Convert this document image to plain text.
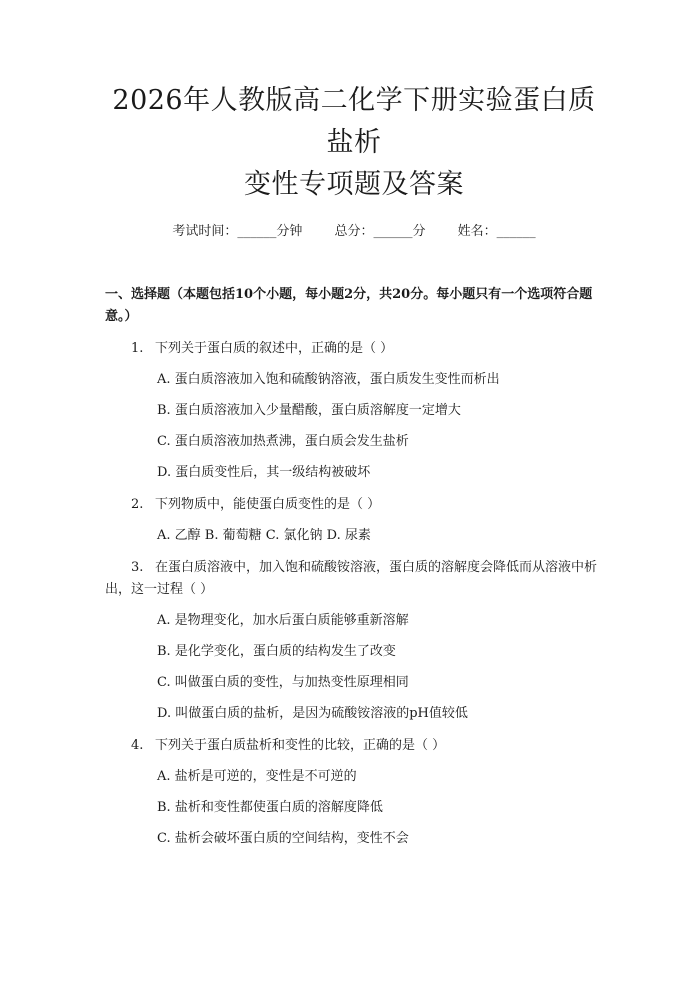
2026年人教版高二化学下册实验蛋白质盐析
变性专项题及答案
考试时间：______分钟 总分：______分 姓名：______
一、选择题（本题包括10个小题，每小题2分，共20分。每小题只有一个选项符合题意。）
1. 下列关于蛋白质的叙述中，正确的是（ ）
A. 蛋白质溶液加入饱和硫酸钠溶液，蛋白质发生变性而析出
B. 蛋白质溶液加入少量醋酸，蛋白质溶解度一定增大
C. 蛋白质溶液加热煮沸，蛋白质会发生盐析
D. 蛋白质变性后，其一级结构被破坏
2. 下列物质中，能使蛋白质变性的是（ ）
A. 乙醇 B. 葡萄糖 C. 氯化钠 D. 尿素
3. 在蛋白质溶液中，加入饱和硫酸铵溶液，蛋白质的溶解度会降低而从溶液中析出，这一过程（ ）
A. 是物理变化，加水后蛋白质能够重新溶解
B. 是化学变化，蛋白质的结构发生了改变
C. 叫做蛋白质的变性，与加热变性原理相同
D. 叫做蛋白质的盐析，是因为硫酸铵溶液的pH值较低
4. 下列关于蛋白质盐析和变性的比较，正确的是（ ）
A. 盐析是可逆的，变性是不可逆的
B. 盐析和变性都使蛋白质的溶解度降低
C. 盐析会破坏蛋白质的空间结构，变性不会
